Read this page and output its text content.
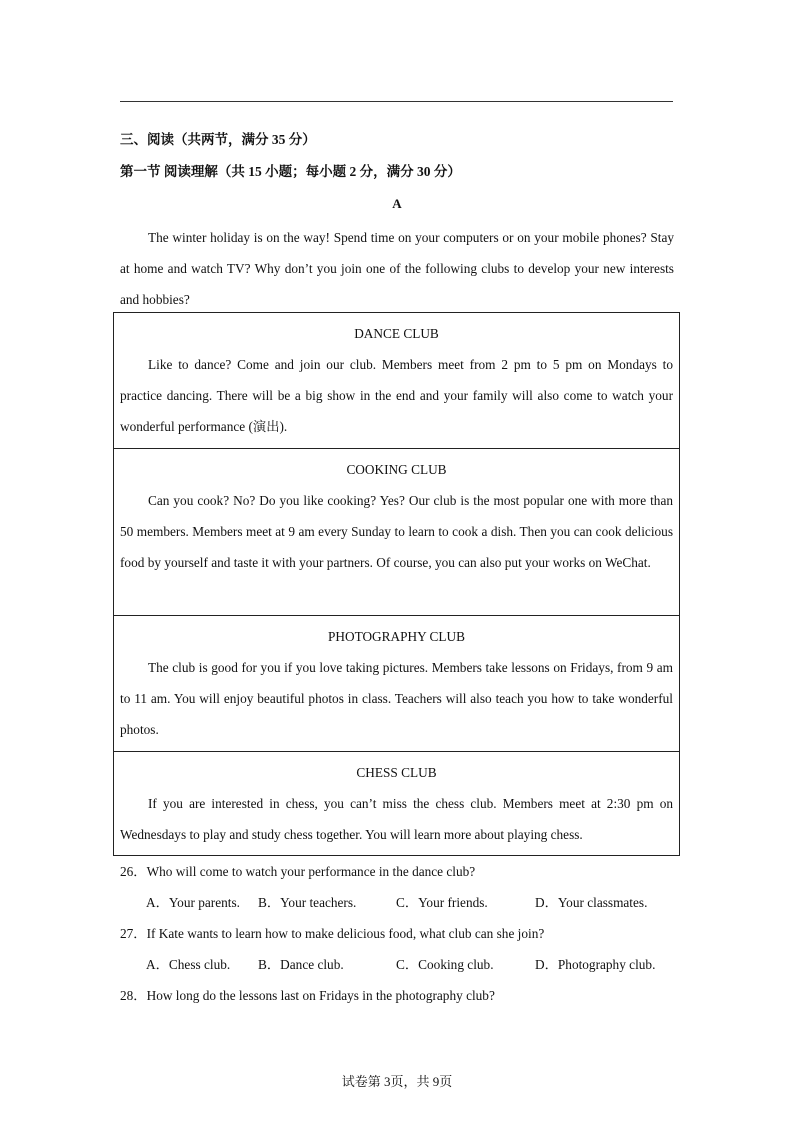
三、阅读（共两节，满分 35 分）
第一节 阅读理解（共 15 小题；每小题 2 分，满分 30 分）
A

The winter holiday is on the way! Spend time on your computers or on your mobile phones? Stay at home and watch TV? Why don’t you join one of the following clubs to develop your new interests and hobbies?

DANCE CLUB

Like to dance? Come and join our club. Members meet from 2 pm to 5 pm on Mondays to practice dancing. There will be a big show in the end and your family will also come to watch your wonderful performance (演出).

COOKING CLUB

Can you cook? No? Do you like cooking? Yes? Our club is the most popular one with more than 50 members. Members meet at 9 am every Sunday to learn to cook a dish. Then you can cook delicious food by yourself and taste it with your partners. Of course, you can also put your works on WeChat.

PHOTOGRAPHY CLUB

The club is good for you if you love taking pictures. Members take lessons on Fridays, from 9 am to 11 am. You will enjoy beautiful photos in class. Teachers will also teach you how to take wonderful photos.

CHESS CLUB

If you are interested in chess, you can’t miss the chess club. Members meet at 2:30 pm on Wednesdays to play and study chess together. You will learn more about playing chess.

26．Who will come to watch your performance in the dance club?
A．Your parents. B．Your teachers.	C．Your friends.	D．Your classmates.
27．If Kate wants to learn how to make delicious food, what club can she join?
A．Chess club. B．Dance club.	C．Cooking club.	D．Photography club.
28．How long do the lessons last on Fridays in the photography club?
试卷第 3页，共 9页
